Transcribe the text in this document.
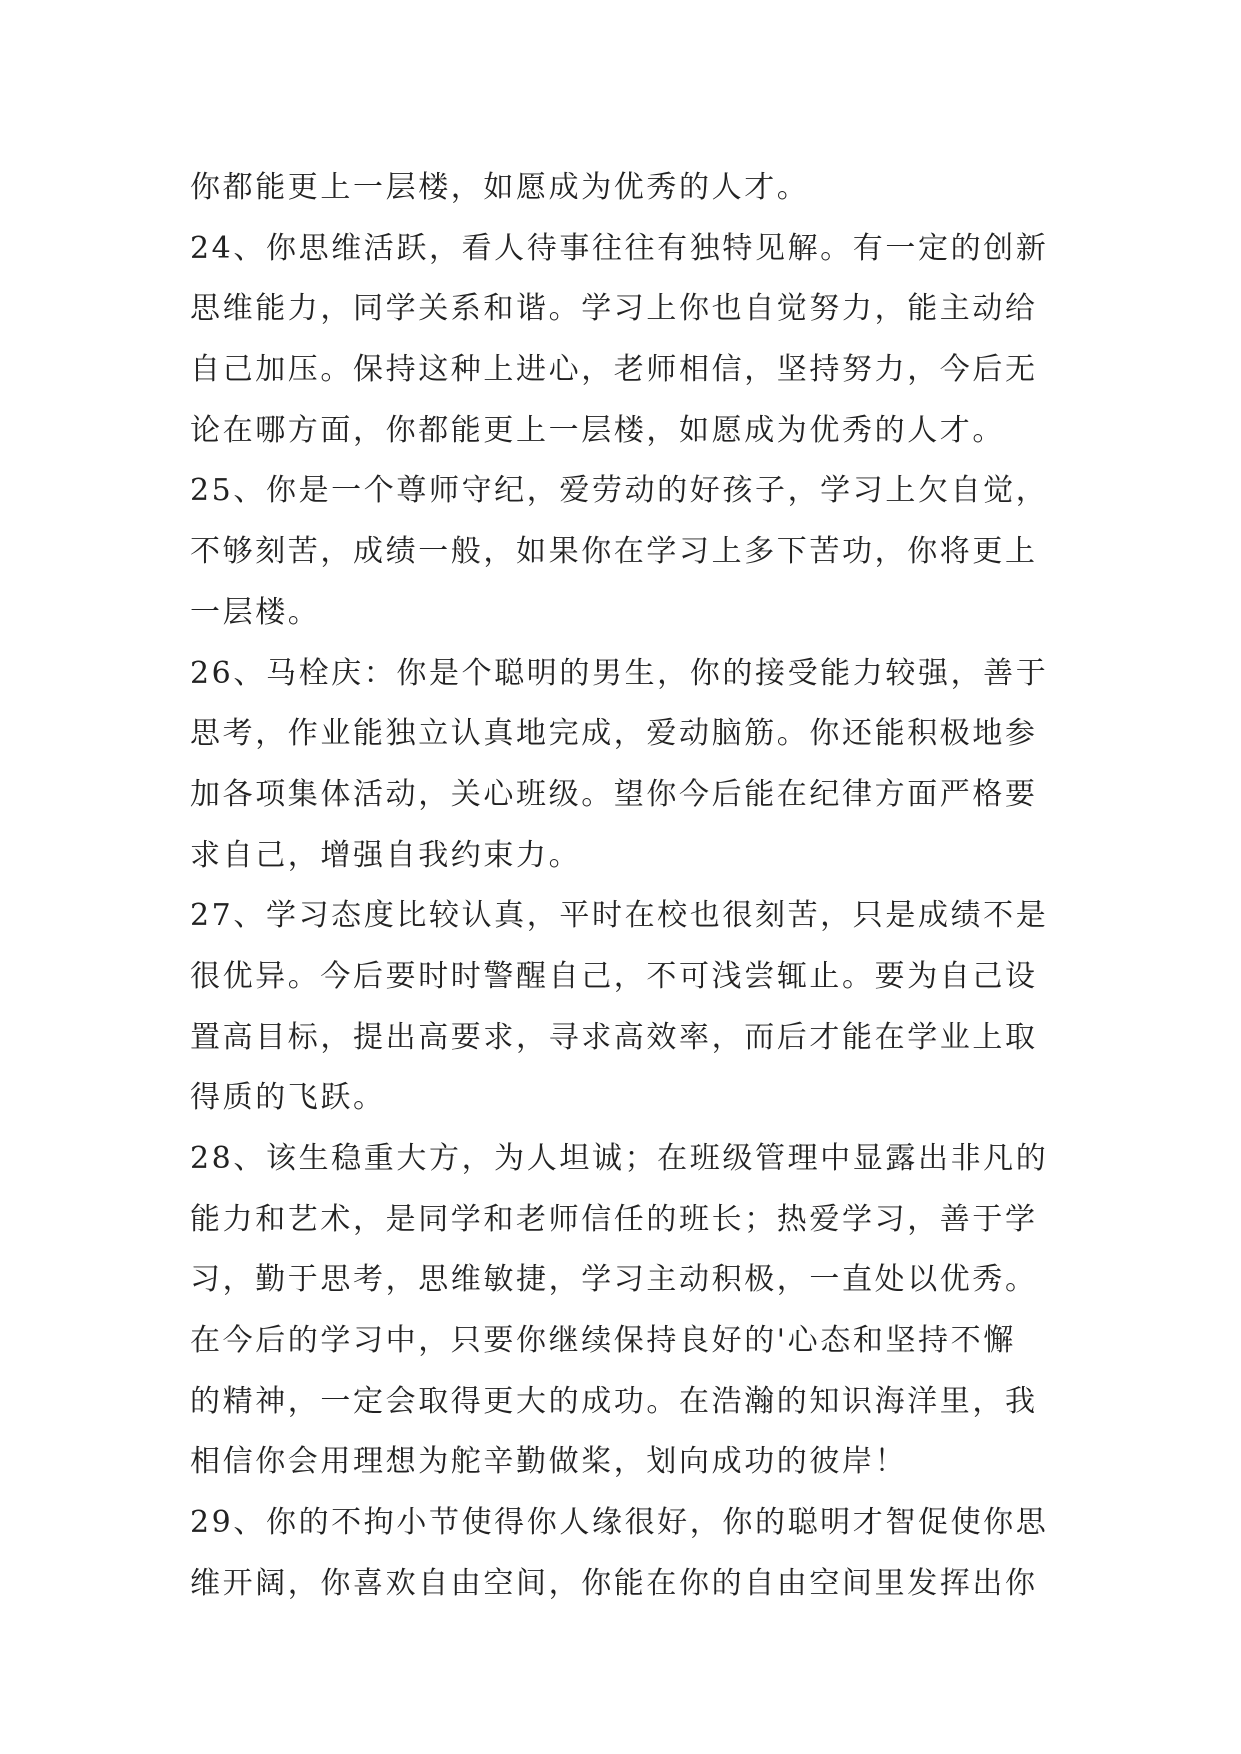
你都能更上一层楼，如愿成为优秀的人才。
24、你思维活跃，看人待事往往有独特见解。有一定的创新
思维能力，同学关系和谐。学习上你也自觉努力，能主动给
自己加压。保持这种上进心，老师相信，坚持努力，今后无
论在哪方面，你都能更上一层楼，如愿成为优秀的人才。
25、你是一个尊师守纪，爱劳动的好孩子，学习上欠自觉，
不够刻苦，成绩一般，如果你在学习上多下苦功，你将更上
一层楼。
26、马栓庆：你是个聪明的男生，你的接受能力较强，善于
思考，作业能独立认真地完成，爱动脑筋。你还能积极地参
加各项集体活动，关心班级。望你今后能在纪律方面严格要
求自己，增强自我约束力。
27、学习态度比较认真，平时在校也很刻苦，只是成绩不是
很优异。今后要时时警醒自己，不可浅尝辄止。要为自己设
置高目标，提出高要求，寻求高效率，而后才能在学业上取
得质的飞跃。
28、该生稳重大方，为人坦诚；在班级管理中显露出非凡的
能力和艺术，是同学和老师信任的班长；热爱学习，善于学
习，勤于思考，思维敏捷，学习主动积极，一直处以优秀。
在今后的学习中，只要你继续保持良好的'心态和坚持不懈
的精神，一定会取得更大的成功。在浩瀚的知识海洋里，我
相信你会用理想为舵辛勤做桨，划向成功的彼岸！
29、你的不拘小节使得你人缘很好，你的聪明才智促使你思
维开阔，你喜欢自由空间，你能在你的自由空间里发挥出你
